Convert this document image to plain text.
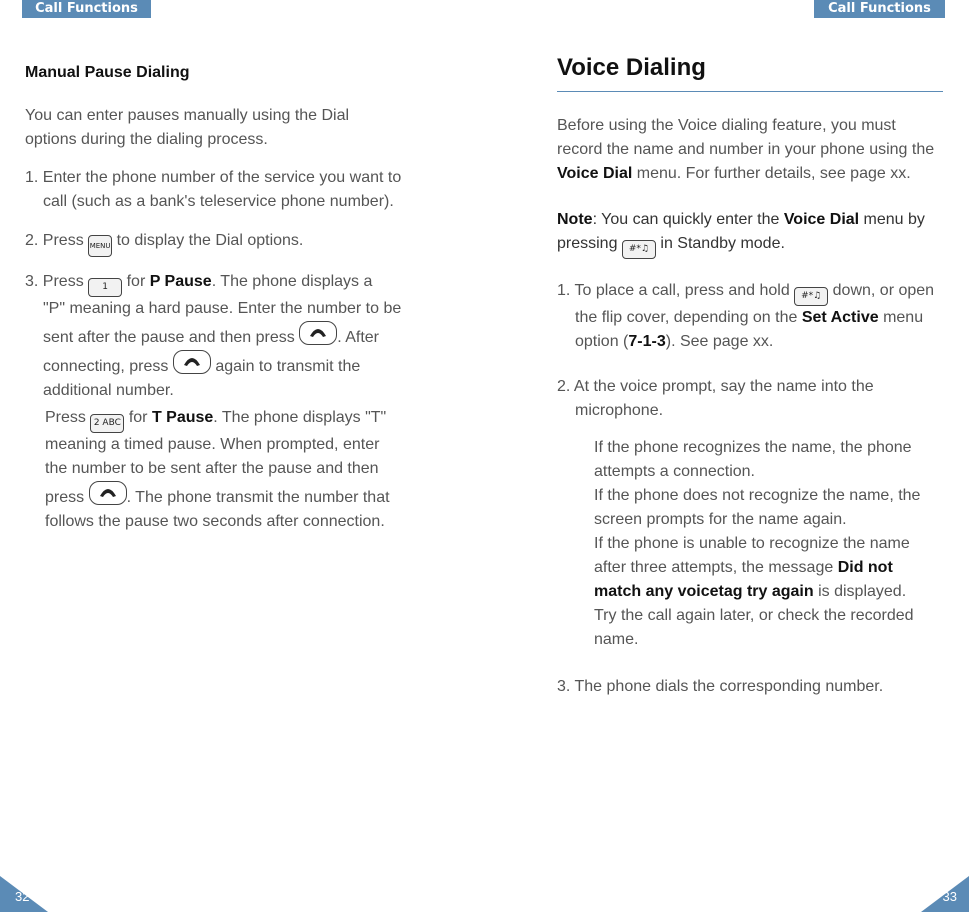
Call Functions	Call Functions
Manual Pause Dialing
You can enter pauses manually using the Dial
options during the dialing process.
1. Enter the phone number of the service you want to
call (such as a bank's teleservice phone number).
2. Press MENU to display the Dial options.
3. Press 1 for P Pause. The phone displays a
"P" meaning a hard pause. Enter the number to be
sent after the pause and then press	. After
connecting, press	again to transmit the
additional number.
Press 2 ABC for T Pause. The phone displays "T"
meaning a timed pause. When prompted, enter
the number to be sent after the pause and then
press	. The phone transmit the number that
follows the pause two seconds after connection.
Voice Dialing
Before using the Voice dialing feature, you must
record the name and number in your phone using the
Voice Dial menu. For further details, see page xx.
Note: You can quickly enter the Voice Dial menu by
pressing #*♫ in Standby mode.
1. To place a call, press and hold #*♫ down, or open
the flip cover, depending on the Set Active menu
option (7-1-3). See page xx.
2. At the voice prompt, say the name into the
microphone.
If the phone recognizes the name, the phone
attempts a connection.
If the phone does not recognize the name, the
screen prompts for the name again.
If the phone is unable to recognize the name
after three attempts, the message Did not
match any voicetag try again is displayed.
Try the call again later, or check the recorded
name.
3. The phone dials the corresponding number.
32	33
